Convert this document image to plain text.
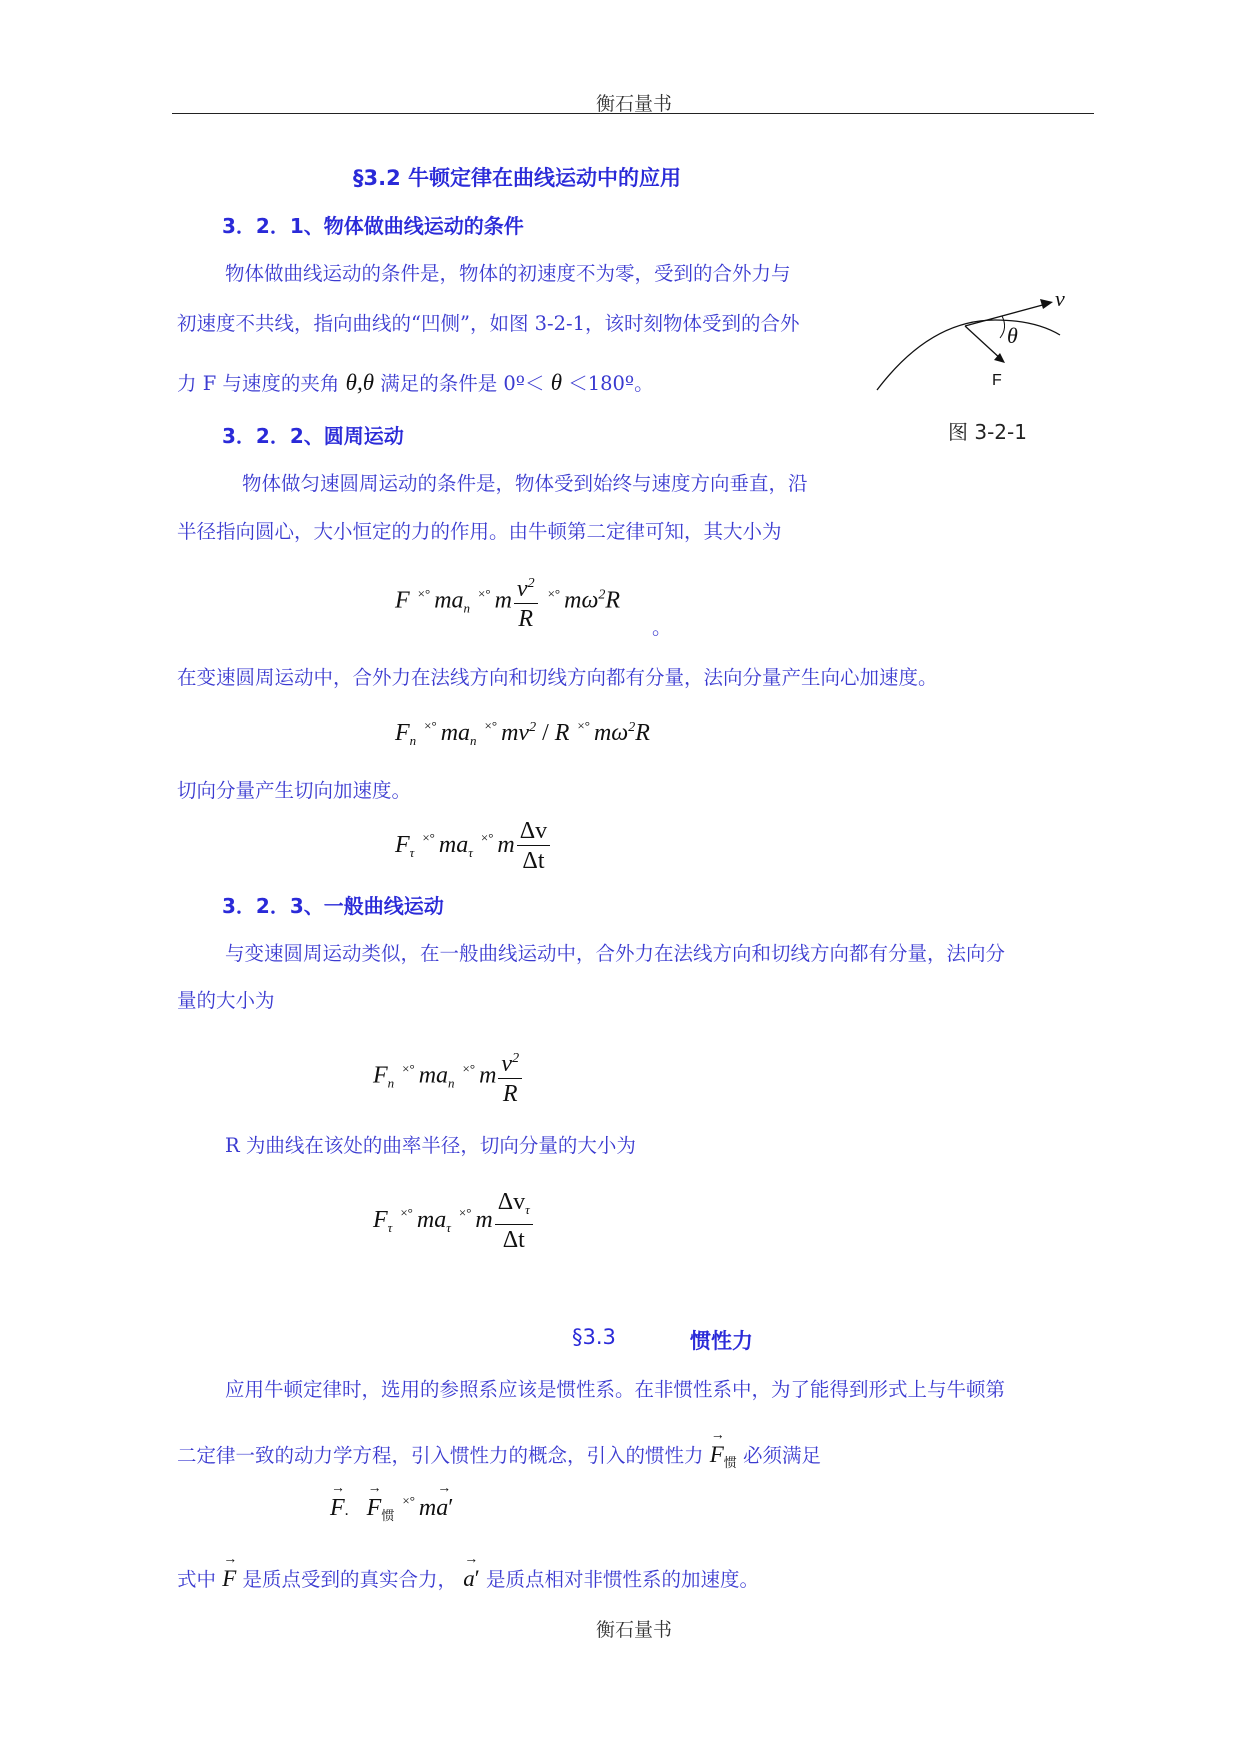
衡石量书
§3.2 牛顿定律在曲线运动中的应用
3．2．1、物体做曲线运动的条件
物体做曲线运动的条件是，物体的初速度不为零，受到的合外力与
初速度不共线，指向曲线的“凹侧”，如图 3-2-1，该时刻物体受到的合外
力 F 与速度的夹角 θ,θ 满足的条件是 0º＜ θ ＜180º。
v
θ
F
图 3-2-1
3．2．2、圆周运动
物体做匀速圆周运动的条件是，物体受到始终与速度方向垂直，沿
半径指向圆心，大小恒定的力的作用。由牛顿第二定律可知，其大小为
F ×° $ma_n^{\times^\circ}$ m $\frac{v^2}{R} ^{\times^\circ}$ $m\omega^2R$
。
在变速圆周运动中，合外力在法线方向和切线方向都有分量，法向分量产生向心加速度。
$F_n^{\times^\circ}$ $ma_n^{\times^\circ}$ $mv^2$ / R ×° $m\omega^2R$
切向分量产生切向加速度。
$F_\tau^{\times^\circ}$ $ma_\tau^{\times^\circ}$ m $\frac{\Delta v}{\Delta t}$
3．2．3、一般曲线运动
与变速圆周运动类似，在一般曲线运动中，合外力在法线方向和切线方向都有分量，法向分
量的大小为
$F_n^{\times^\circ}$ $ma_n^{\times^\circ}$ m $\frac{v^2}{R}$
R 为曲线在该处的曲率半径，切向分量的大小为
$F_\tau^{\times^\circ}$ $ma_\tau^{\times^\circ}$ m $\frac{\Delta v_\tau}{\Delta t}$
§3.3	惯性力
应用牛顿定律时，选用的参照系应该是惯性系。在非惯性系中，为了能得到形式上与牛顿第
二定律一致的动力学方程，引入惯性力的概念，引入的惯性力 → $F_惯$ 必须满足
→ F. → $F_惯^{\times^\circ}$ m→ a′
式中 → F 是质点受到的真实合力， → a′ 是质点相对非惯性系的加速度。
衡石量书
